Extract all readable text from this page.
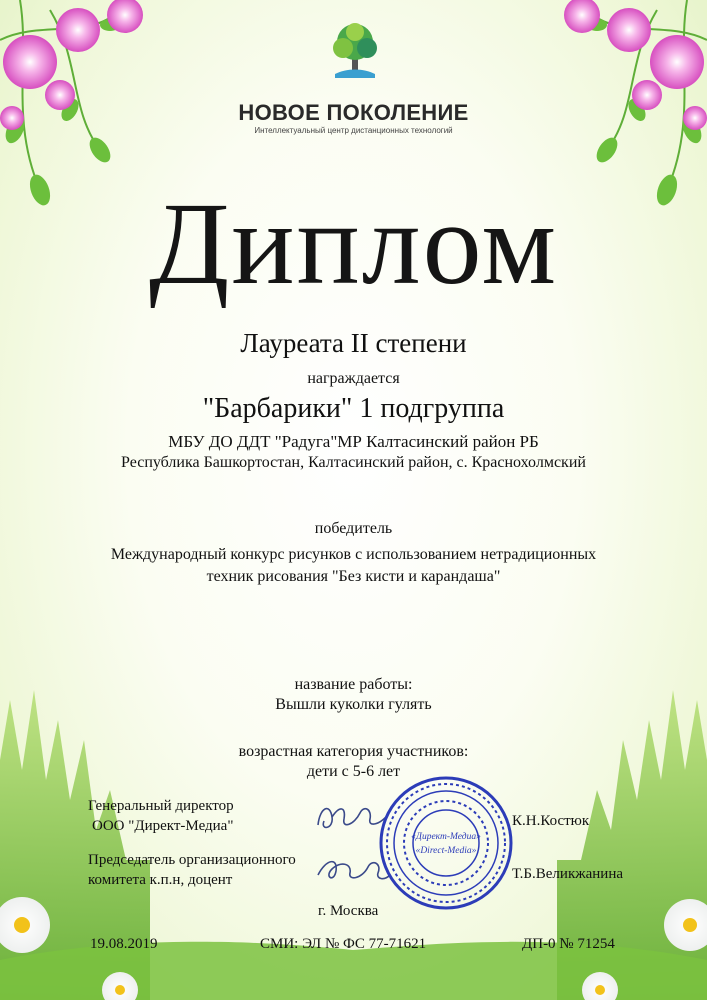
НОВОЕ ПОКОЛЕНИЕ
Интеллектуальный центр дистанционных технологий
Диплом
Лауреата II степени
награждается
"Барбарики" 1 подгруппа
МБУ ДО ДДТ "Радуга"МР Калтасинский район РБ
Республика Башкортостан, Калтасинский район, с. Краснохолмский
победитель
Международный конкурс рисунков с использованием нетрадиционных
техник рисования "Без кисти и карандаша"
название работы:
Вышли куколки гулять
возрастная категория участников:
дети с 5-6 лет
Генеральный директор
ООО "Директ-Медиа"
Председатель организационного
комитета к.п.н, доцент
К.Н.Костюк
Т.Б.Великжанина
«Директ-Медиа»
«Direct-Media»
г. Москва
19.08.2019	СМИ: ЭЛ № ФС 77-71621	ДП-0 № 71254
